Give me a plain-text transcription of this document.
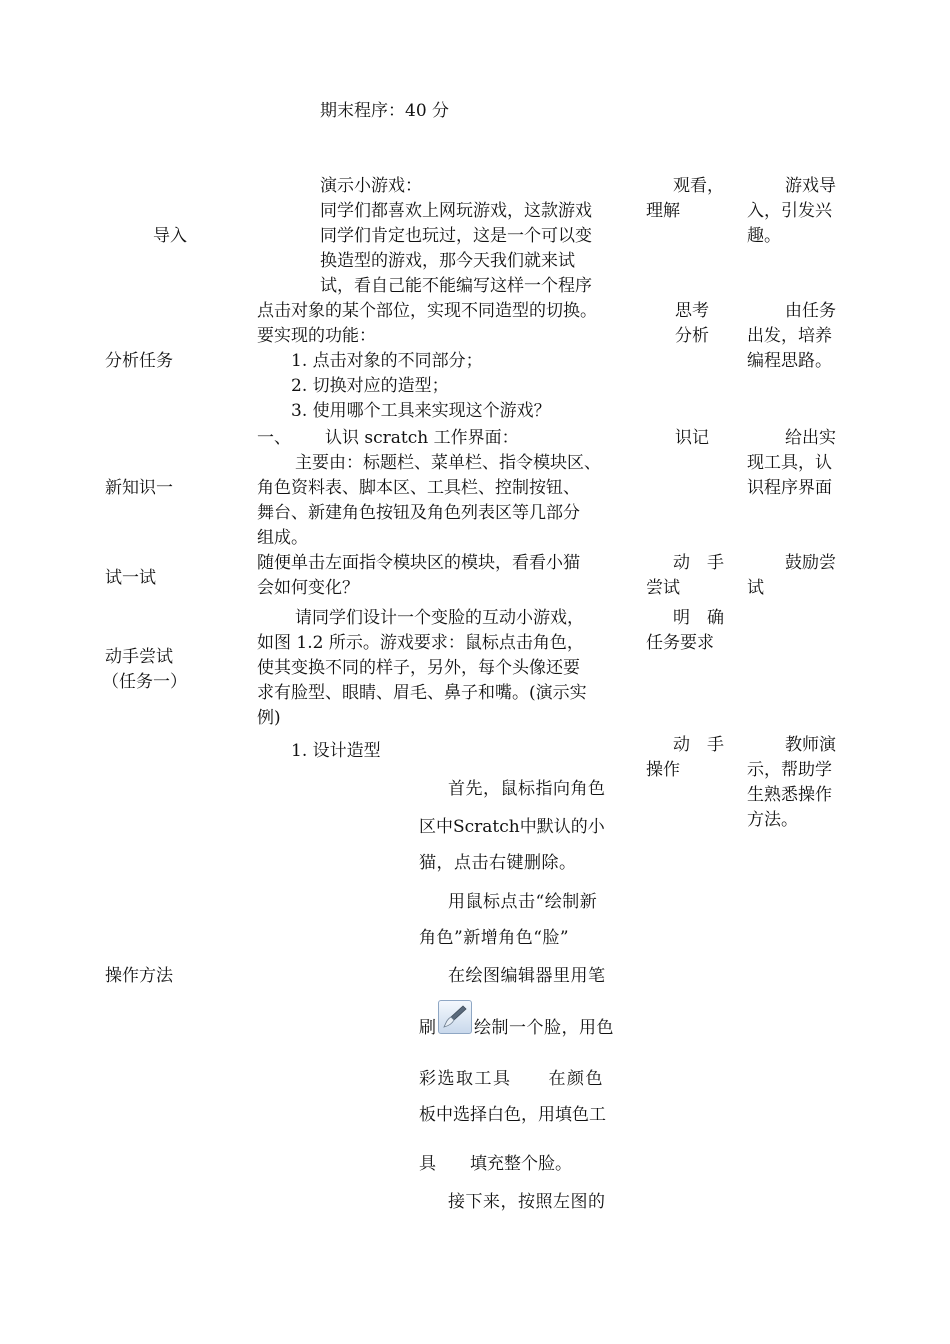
期末程序：40 分
导入
演示小游戏：
同学们都喜欢上网玩游戏，这款游戏
同学们肯定也玩过，这是一个可以变
换造型的游戏，那今天我们就来试
试，看自己能不能编写这样一个程序
观看，
理解
游戏导
入，引发兴
趣。
分析任务
点击对象的某个部位，实现不同造型的切换。
要实现的功能：
1. 点击对象的不同部分；
2. 切换对应的造型；
3. 使用哪个工具来实现这个游戏？
思考
分析
由任务
出发，培养
编程思路。
新知识一
一、 认识 scratch 工作界面：
主要由：标题栏、菜单栏、指令模块区、
角色资料表、脚本区、工具栏、控制按钮、
舞台、新建角色按钮及角色列表区等几部分
组成。
识记	给出实
现工具，认
识程序界面
试一试
随便单击左面指令模块区的模块，看看小猫
会如何变化？
动　手
尝试
鼓励尝
试
动手尝试
（任务一）
请同学们设计一个变脸的互动小游戏，
如图 1.2 所示。游戏要求：鼠标点击角色，
使其变换不同的样子，另外，每个头像还要
求有脸型、眼睛、眉毛、鼻子和嘴。(演示实
例)
明　确
任务要求
操作方法
1. 设计造型
首先，鼠标指向角色
区中Scratch中默认的小
猫，点击右键删除。
用鼠标点击“绘制新
角色”新增角色“脸”
在绘图编辑器里用笔
刷 绘制一个脸，用色
彩选取工具　　在颜色
板中选择白色，用填色工
具　　填充整个脸。
接下来，按照左图的
动　手
操作
教师演
示，帮助学
生熟悉操作
方法。
